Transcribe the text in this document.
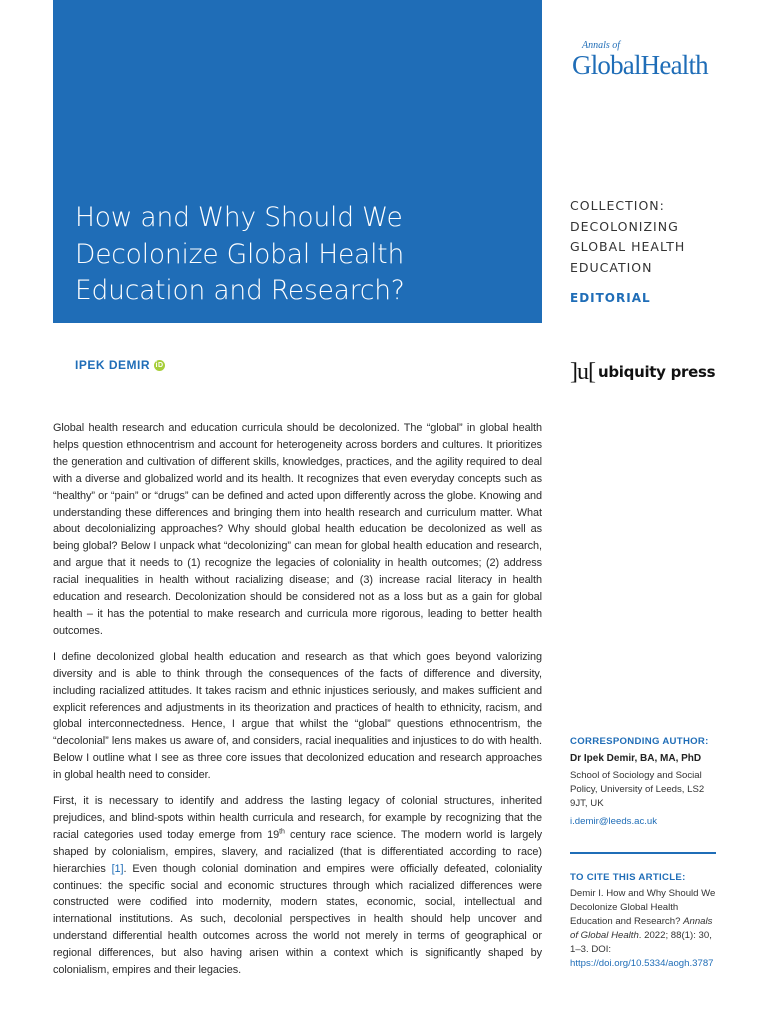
How and Why Should We Decolonize Global Health Education and Research?
Annals of
GlobalHealth
COLLECTION:
DECOLONIZING
GLOBAL HEALTH
EDUCATION
EDITORIAL
IPEK DEMIR iD	]u[ ubiquity press

Global health research and education curricula should be decolonized. The “global” in global health helps question ethnocentrism and account for heterogeneity across borders and cultures. It prioritizes the generation and cultivation of different skills, knowledges, practices, and the agility required to deal with a diverse and globalized world and its health. It recognizes that even everyday concepts such as “healthy” or “pain” or “drugs” can be defined and acted upon differently across the globe. Knowing and understanding these differences and bringing them into health research and curriculum matter. What about decolonializing approaches? Why should global health education be decolonized as well as being global? Below I unpack what “decolonizing” can mean for global health education and research, and argue that it needs to (1) recognize the legacies of coloniality in health outcomes; (2) address racial inequalities in health without racializing disease; and (3) increase racial literacy in health education and research. Decolonization should be considered not as a loss but as a gain for global health – it has the potential to make research and curricula more rigorous, leading to better health outcomes.

I define decolonized global health education and research as that which goes beyond valorizing diversity and is able to think through the consequences of the facts of difference and diversity, including racialized attitudes. It takes racism and ethnic injustices seriously, and makes sufficient and explicit references and adjustments in its theorization and practices of health to ethnicity, racism, and global interconnectedness. Hence, I argue that whilst the “global” questions ethnocentrism, the “decolonial” lens makes us aware of, and considers, racial inequalities and injustices to do with health. Below I outline what I see as three core issues that decolonized education and research approaches in global health need to consider.

First, it is necessary to identify and address the lasting legacy of colonial structures, inherited prejudices, and blind-spots within health curricula and research, for example by recognizing that the racial categories used today emerge from 19th century race science. The modern world is largely shaped by colonialism, empires, slavery, and racialized (that is differentiated according to race) hierarchies [1]. Even though colonial domination and empires were officially defeated, coloniality continues: the specific social and economic structures through which racialized differences were constructed were codified into modernity, modern states, economic, social, intellectual and international institutions. As such, decolonial perspectives in health should help uncover and understand differential health outcomes across the world not merely in terms of geographical or regional differences, but also having arisen within a context which is significantly shaped by colonialism, empires and their legacies.

CORRESPONDING AUTHOR:
Dr Ipek Demir, BA, MA, PhD
School of Sociology and Social Policy, University of Leeds, LS2 9JT, UK
i.demir@leeds.ac.uk
TO CITE THIS ARTICLE:
Demir I. How and Why Should We Decolonize Global Health Education and Research? Annals of Global Health. 2022; 88(1): 30, 1–3. DOI: https://doi.org/10.5334/aogh.3787
